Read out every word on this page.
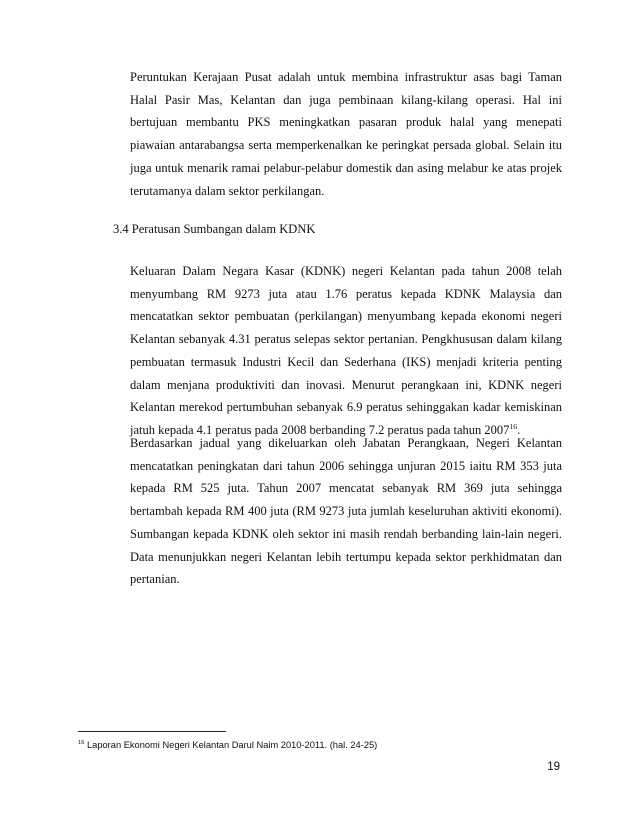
Peruntukan Kerajaan Pusat adalah untuk membina infrastruktur asas bagi Taman
Halal Pasir Mas, Kelantan dan juga pembinaan kilang-kilang operasi. Hal ini
bertujuan membantu PKS meningkatkan pasaran produk halal yang menepati
piawaian antarabangsa serta memperkenalkan ke peringkat persada global. Selain itu
juga untuk menarik ramai pelabur-pelabur domestik dan asing melabur ke atas projek
terutamanya dalam sektor perkilangan.
3.4 Peratusan Sumbangan dalam KDNK
Keluaran Dalam Negara Kasar (KDNK) negeri Kelantan pada tahun 2008 telah
menyumbang RM 9273 juta atau 1.76 peratus kepada KDNK Malaysia dan
mencatatkan sektor pembuatan (perkilangan) menyumbang kepada ekonomi negeri
Kelantan sebanyak 4.31 peratus selepas sektor pertanian. Pengkhususan dalam kilang
pembuatan termasuk Industri Kecil dan Sederhana (IKS) menjadi kriteria penting
dalam menjana produktiviti dan inovasi. Menurut perangkaan ini, KDNK negeri
Kelantan merekod pertumbuhan sebanyak 6.9 peratus sehinggakan kadar kemiskinan
jatuh kepada 4.1 peratus pada 2008 berbanding 7.2 peratus pada tahun 2007$^{16}$.
Berdasarkan jadual yang dikeluarkan oleh Jabatan Perangkaan, Negeri Kelantan
mencatatkan peningkatan dari tahun 2006 sehingga unjuran 2015 iaitu RM 353 juta
kepada RM 525 juta. Tahun 2007 mencatat sebanyak RM 369 juta sehingga
bertambah kepada RM 400 juta (RM 9273 juta jumlah keseluruhan aktiviti ekonomi).
Sumbangan kepada KDNK oleh sektor ini masih rendah berbanding lain-lain negeri.
Data menunjukkan negeri Kelantan lebih tertumpu kepada sektor perkhidmatan dan
pertanian.
$^{16}$ Laporan Ekonomi Negeri Kelantan Darul Naim 2010-2011. (hal. 24-25)
19
